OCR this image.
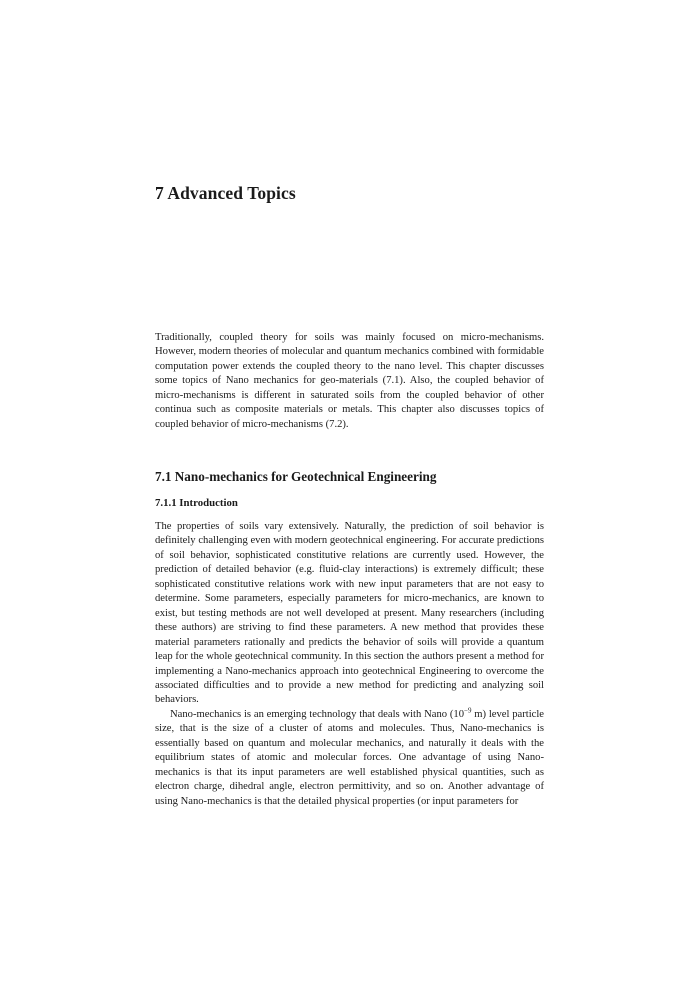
7 Advanced Topics

Traditionally, coupled theory for soils was mainly focused on micro-mechanisms. However, modern theories of molecular and quantum mechanics combined with formidable computation power extends the coupled theory to the nano level. This chapter discusses some topics of Nano mechanics for geo-materials (7.1). Also, the coupled behavior of micro-mechanisms is different in saturated soils from the coupled behavior of other continua such as composite materials or metals. This chapter also discusses topics of coupled behavior of micro-mechanisms (7.2).

7.1 Nano-mechanics for Geotechnical Engineering
7.1.1 Introduction

The properties of soils vary extensively. Naturally, the prediction of soil behavior is definitely challenging even with modern geotechnical engineering. For accurate predictions of soil behavior, sophisticated constitutive relations are currently used. However, the prediction of detailed behavior (e.g. fluid-clay interactions) is extremely difficult; these sophisticated constitutive relations work with new input parameters that are not easy to determine. Some parameters, especially parameters for micro-mechanics, are known to exist, but testing methods are not well developed at present. Many researchers (including these authors) are striving to find these parameters. A new method that provides these material parameters rationally and predicts the behavior of soils will provide a quantum leap for the whole geotechnical community. In this section the authors present a method for implementing a Nano-mechanics approach into geotechnical Engineering to overcome the associated difficulties and to provide a new method for predicting and analyzing soil behaviors.

Nano-mechanics is an emerging technology that deals with Nano ($10^{-9}$ m) level particle size, that is the size of a cluster of atoms and molecules. Thus, Nano-mechanics is essentially based on quantum and molecular mechanics, and naturally it deals with the equilibrium states of atomic and molecular forces. One advantage of using Nano-mechanics is that its input parameters are well established physical quantities, such as electron charge, dihedral angle, electron permittivity, and so on. Another advantage of using Nano-mechanics is that the detailed physical properties (or input parameters for
